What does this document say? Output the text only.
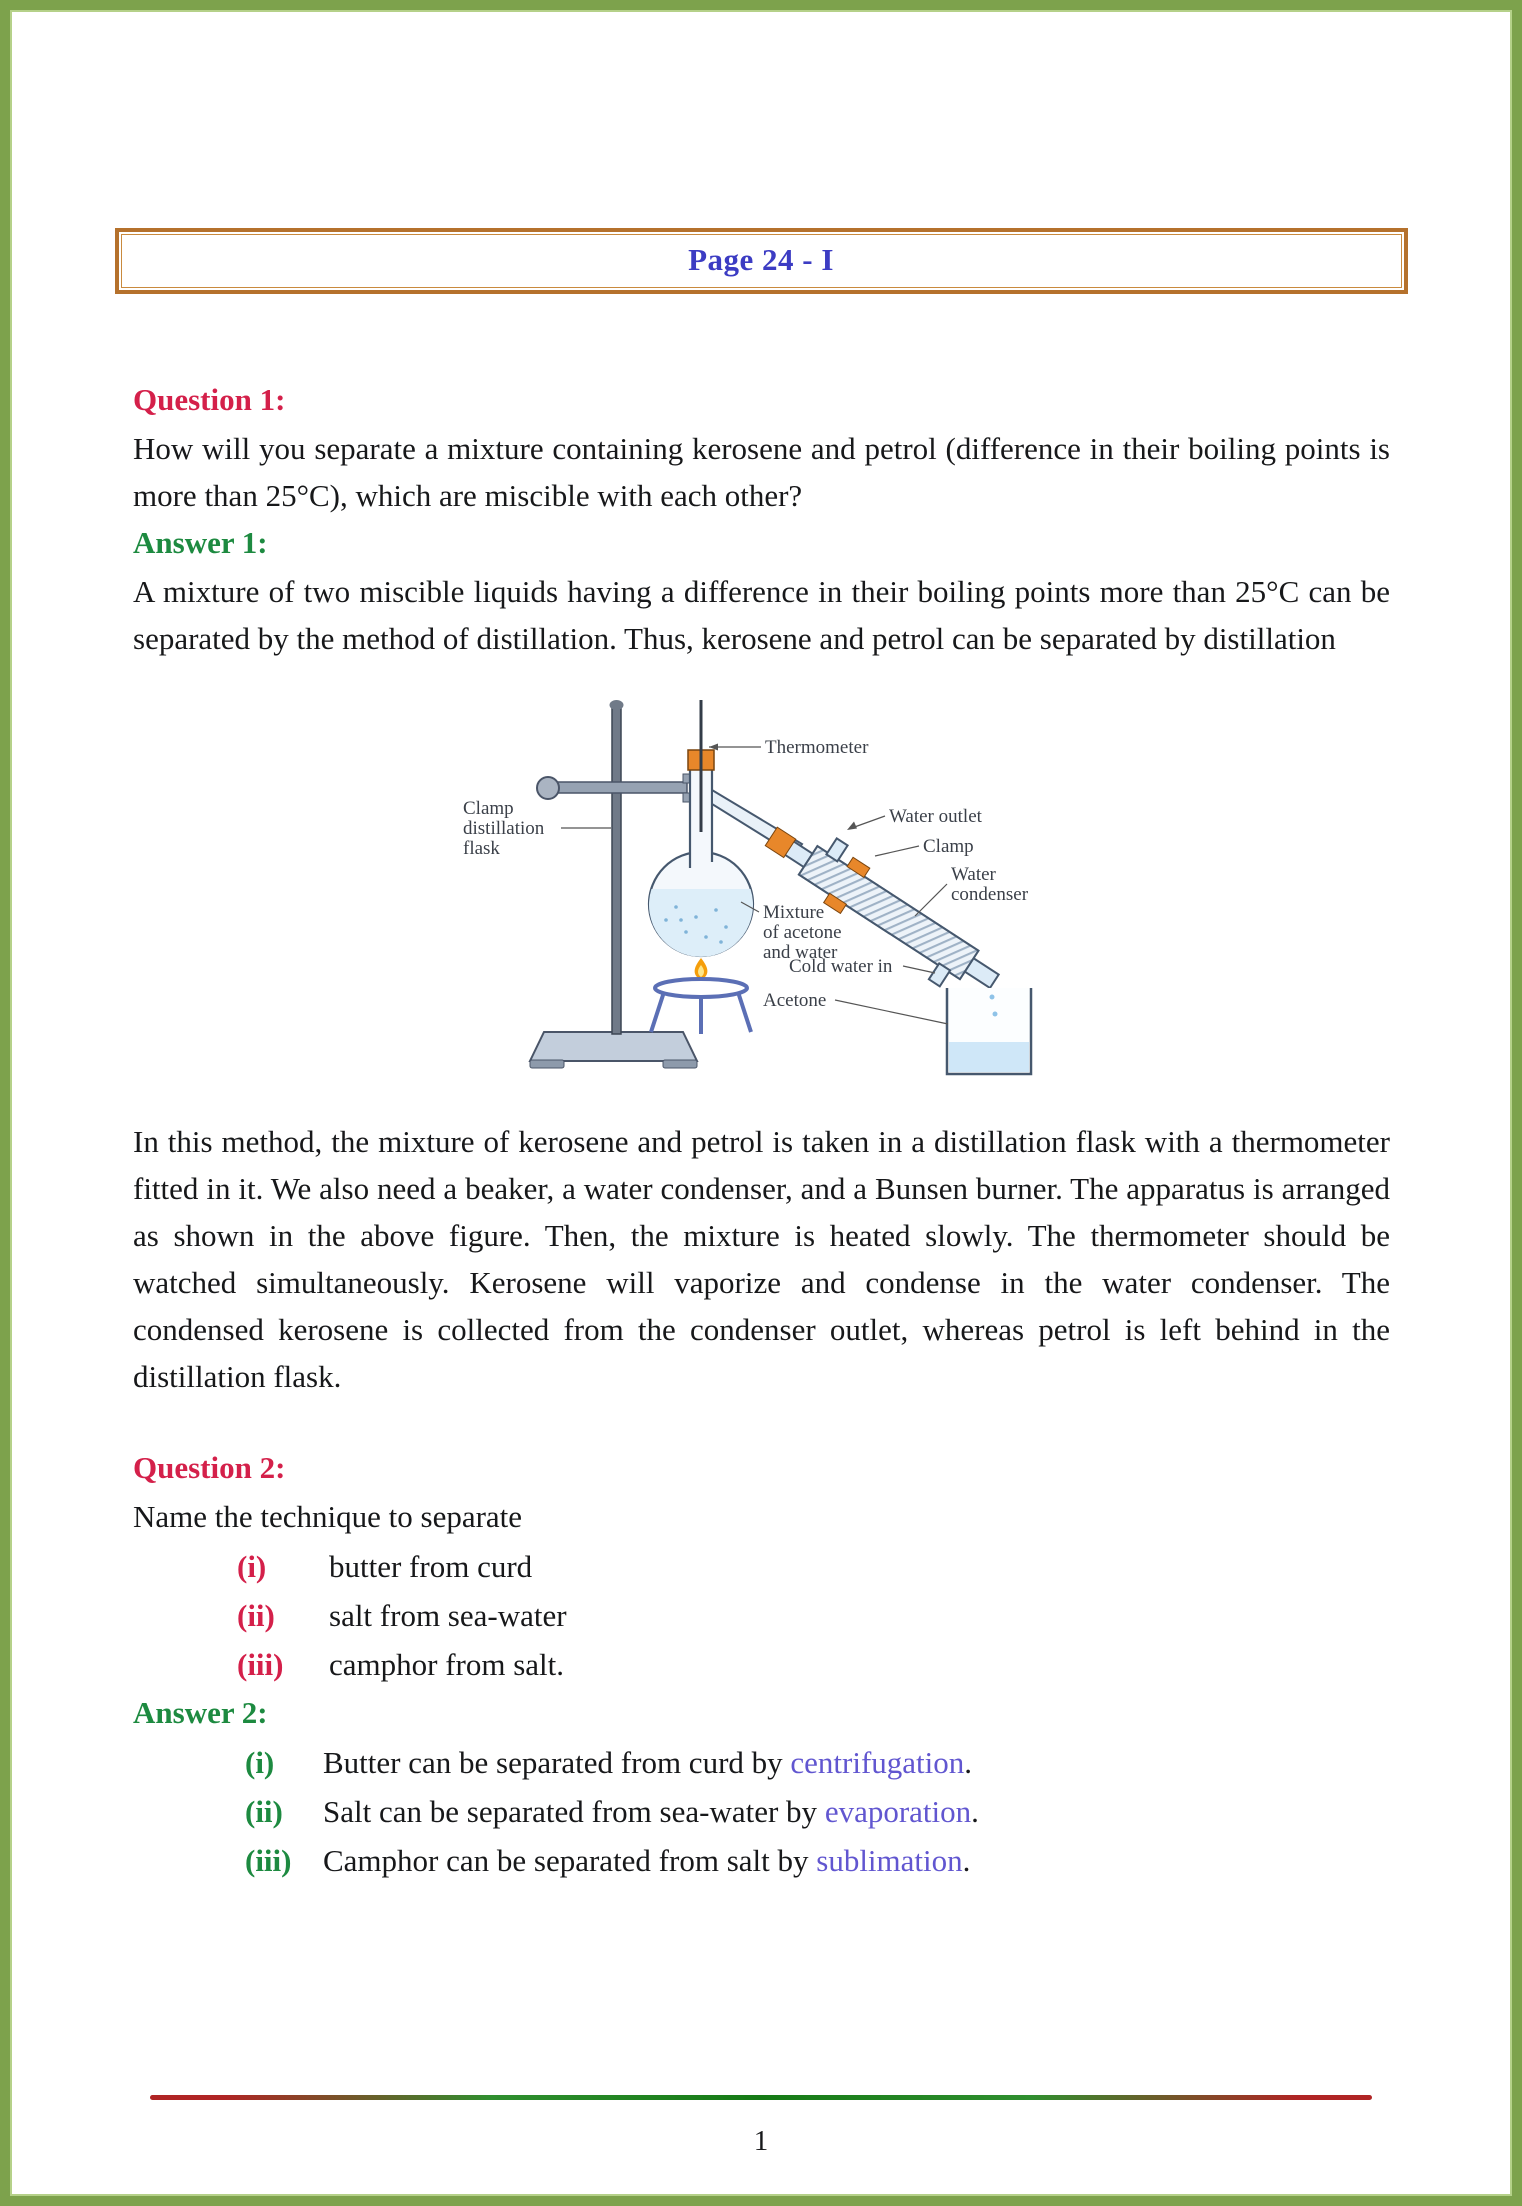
Page 24 - I
Question 1:

How will you separate a mixture containing kerosene and petrol (difference in their boiling points is more than 25°C), which are miscible with each other?

Answer 1:

A mixture of two miscible liquids having a difference in their boiling points more than 25°C can be separated by the method of distillation. Thus, kerosene and petrol can be separated by distillation

Thermometer
Clamp
distillation
flask
Water outlet
Clamp
Water
condenser
Mixture
of acetone
and water
Cold water in
Acetone

In this method, the mixture of kerosene and petrol is taken in a distillation flask with a thermometer fitted in it. We also need a beaker, a water condenser, and a Bunsen burner. The apparatus is arranged as shown in the above figure. Then, the mixture is heated slowly. The thermometer should be watched simultaneously. Kerosene will vaporize and condense in the water condenser. The condensed kerosene is collected from the condenser outlet, whereas petrol is left behind in the distillation flask.

Question 2:

Name the technique to separate

(i)	butter from curd
(ii)	salt from sea-water
(iii)	camphor from salt.
Answer 2:
(i)	Butter can be separated from curd by centrifugation.
(ii)	Salt can be separated from sea-water by evaporation.
(iii)	Camphor can be separated from salt by sublimation.
1
